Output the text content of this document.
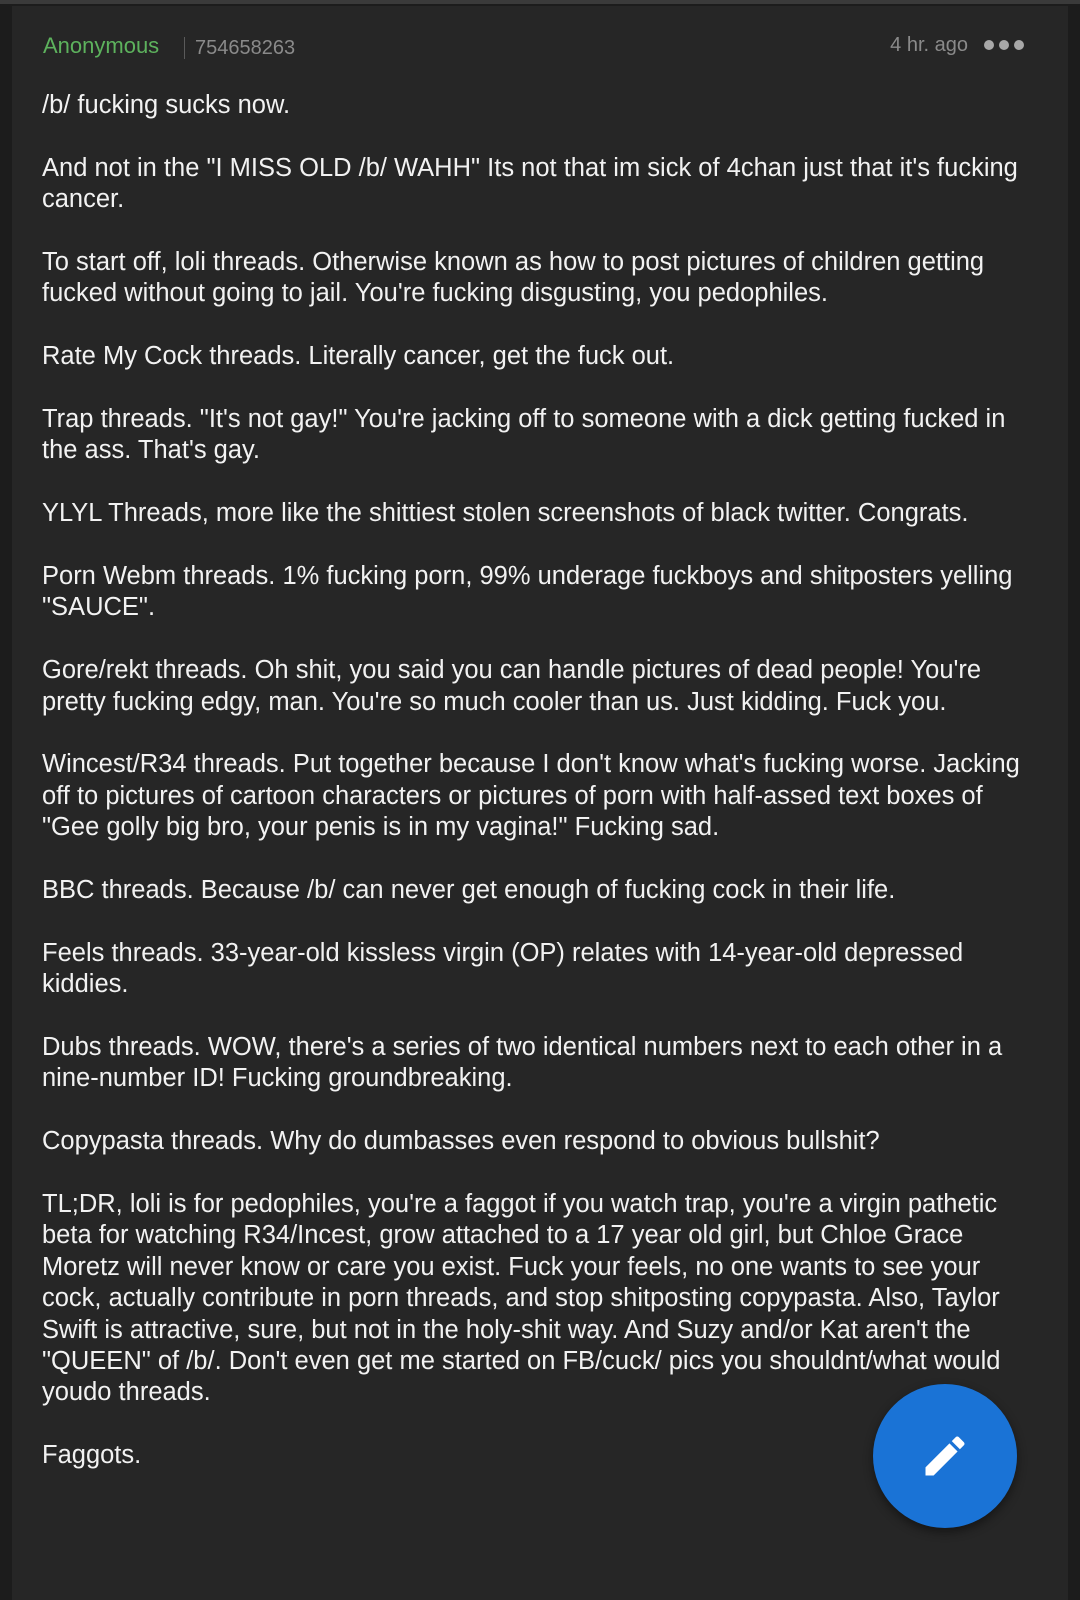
Anonymous 754658263	4 hr. ago

/b/ fucking sucks now.

And not in the "I MISS OLD /b/ WAHH" Its not that im sick of 4chan just that it's fucking cancer.

To start off, loli threads. Otherwise known as how to post pictures of children getting fucked without going to jail. You're fucking disgusting, you pedophiles.

Rate My Cock threads. Literally cancer, get the fuck out.

Trap threads. "It's not gay!" You're jacking off to someone with a dick getting fucked in the ass. That's gay.

YLYL Threads, more like the shittiest stolen screenshots of black twitter. Congrats.

Porn Webm threads. 1% fucking porn, 99% underage fuckboys and shitposters yelling "SAUCE".

Gore/rekt threads. Oh shit, you said you can handle pictures of dead people! You're pretty fucking edgy, man. You're so much cooler than us. Just kidding. Fuck you.

Wincest/R34 threads. Put together because I don't know what's fucking worse. Jacking off to pictures of cartoon characters or pictures of porn with half-assed text boxes of "Gee golly big bro, your penis is in my vagina!" Fucking sad.

BBC threads. Because /b/ can never get enough of fucking cock in their life.

Feels threads. 33-year-old kissless virgin (OP) relates with 14-year-old depressed kiddies.

Dubs threads. WOW, there's a series of two identical numbers next to each other in a nine-number ID! Fucking groundbreaking.

Copypasta threads. Why do dumbasses even respond to obvious bullshit?

TL;DR, loli is for pedophiles, you're a faggot if you watch trap, you're a virgin pathetic beta for watching R34/Incest, grow attached to a 17 year old girl, but Chloe Grace Moretz will never know or care you exist. Fuck your feels, no one wants to see your cock, actually contribute in porn threads, and stop shitposting copypasta. Also, Taylor Swift is attractive, sure, but not in the holy-shit way. And Suzy and/or Kat aren't the "QUEEN" of /b/. Don't even get me started on FB/cuck/ pics you shouldnt/what would youdo threads.

Faggots.
